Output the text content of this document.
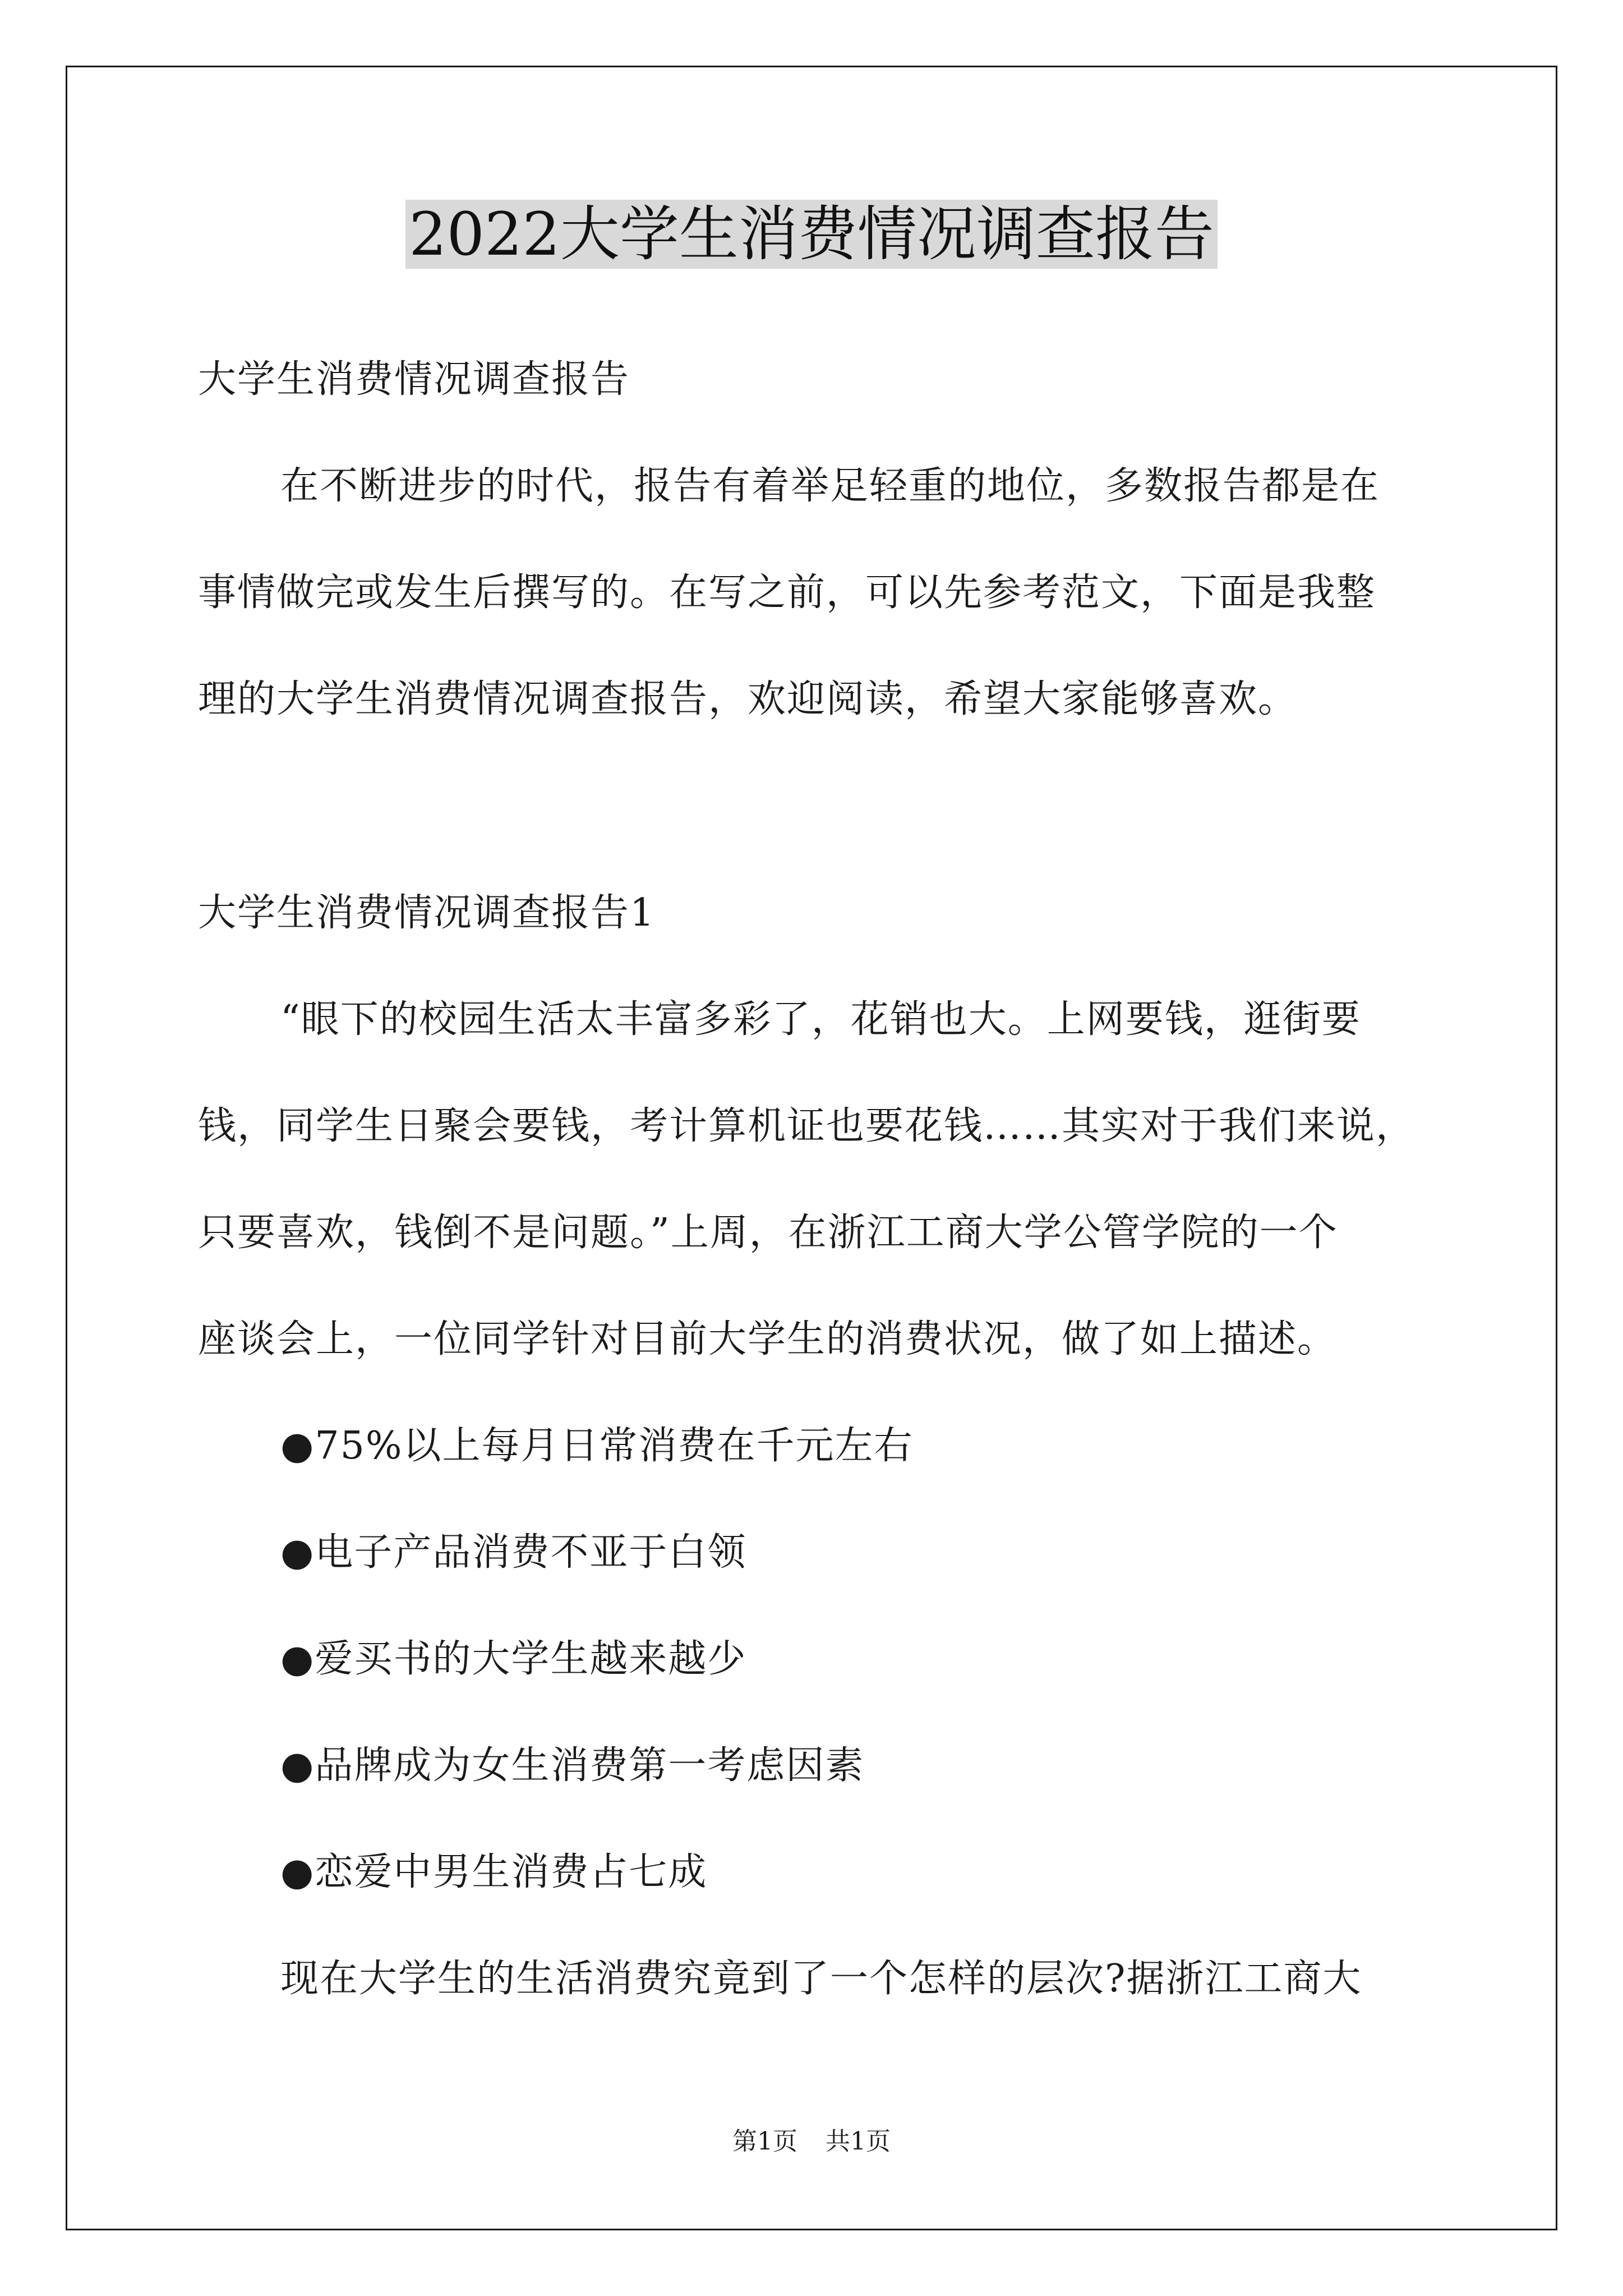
2022大学生消费情况调查报告
大学生消费情况调查报告
在不断进步的时代，报告有着举足轻重的地位，多数报告都是在
事情做完或发生后撰写的。在写之前，可以先参考范文，下面是我整
理的大学生消费情况调查报告，欢迎阅读，希望大家能够喜欢。
大学生消费情况调查报告1
“眼下的校园生活太丰富多彩了，花销也大。上网要钱，逛街要
钱，同学生日聚会要钱，考计算机证也要花钱……其实对于我们来说，
只要喜欢，钱倒不是问题。”上周，在浙江工商大学公管学院的一个
座谈会上，一位同学针对目前大学生的消费状况，做了如上描述。
●75%以上每月日常消费在千元左右
●电子产品消费不亚于白领
●爱买书的大学生越来越少
●品牌成为女生消费第一考虑因素
●恋爱中男生消费占七成
现在大学生的生活消费究竟到了一个怎样的层次?据浙江工商大
第1页 共1页
